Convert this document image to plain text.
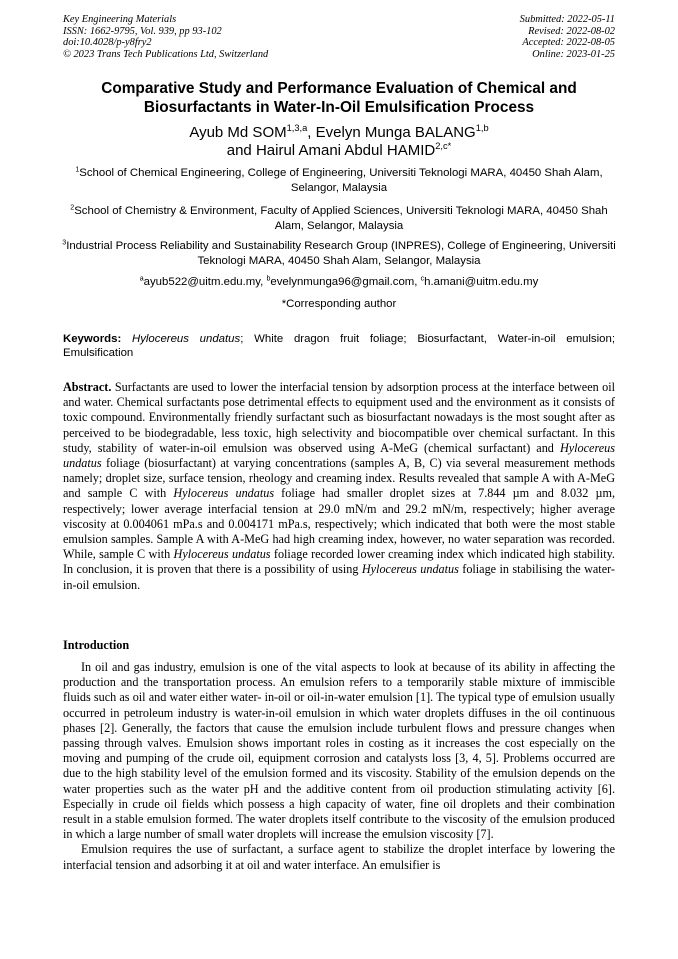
Key Engineering Materials
ISSN: 1662-9795, Vol. 939, pp 93-102
doi:10.4028/p-y8fry2
© 2023 Trans Tech Publications Ltd, Switzerland
Submitted: 2022-05-11
Revised: 2022-08-02
Accepted: 2022-08-05
Online: 2023-01-25
Comparative Study and Performance Evaluation of Chemical and
Biosurfactants in Water-In-Oil Emulsification Process
Ayub Md SOM$^{1,3,a}$, Evelyn Munga BALANG$^{1,b}$
and Hairul Amani Abdul $HAMID^{2,c*}$
$^1$School of Chemical Engineering, College of Engineering, Universiti Teknologi MARA, 40450 Shah Alam, Selangor, Malaysia
$^2$School of Chemistry & Environment, Faculty of Applied Sciences, Universiti Teknologi MARA, 40450 Shah Alam, Selangor, Malaysia
$^3$Industrial Process Reliability and Sustainability Research Group (INPRES), College of Engineering, Universiti Teknologi MARA, 40450 Shah Alam, Selangor, Malaysia
$^a$ayub522@uitm.edu.my, $^b$evelynmunga96@gmail.com, $^c$h.amani@uitm.edu.my
*Corresponding author
Keywords: Hylocereus undatus; White dragon fruit foliage; Biosurfactant, Water-in-oil emulsion; Emulsification

Abstract. Surfactants are used to lower the interfacial tension by adsorption process at the interface between oil and water. Chemical surfactants pose detrimental effects to equipment used and the environment as it consists of toxic compound. Environmentally friendly surfactant such as biosurfactant nowadays is the most sought after as perceived to be biodegradable, less toxic, high selectivity and biocompatible over chemical surfactant. In this study, stability of water-in-oil emulsion was observed using A-MeG (chemical surfactant) and Hylocereus undatus foliage (biosurfactant) at varying concentrations (samples A, B, C) via several measurement methods namely; droplet size, surface tension, rheology and creaming index. Results revealed that sample A with A-MeG and sample C with Hylocereus undatus foliage had smaller droplet sizes at 7.844 µm and 8.032 µm, respectively; lower average interfacial tension at 29.0 mN/m and 29.2 mN/m, respectively; higher average viscosity at 0.004061 mPa.s and 0.004171 mPa.s, respectively; which indicated that both were the most stable emulsion samples. Sample A with A-MeG had high creaming index, however, no water separation was recorded. While, sample C with Hylocereus undatus foliage recorded lower creaming index which indicated high stability. In conclusion, it is proven that there is a possibility of using Hylocereus undatus foliage in stabilising the water-in-oil emulsion.

Introduction

In oil and gas industry, emulsion is one of the vital aspects to look at because of its ability in affecting the production and the transportation process. An emulsion refers to a temporarily stable mixture of immiscible fluids such as oil and water either water- in-oil or oil-in-water emulsion [1]. The typical type of emulsion usually occurred in petroleum industry is water-in-oil emulsion in which water droplets diffuses in the oil continuous phases [2]. Generally, the factors that cause the emulsion include turbulent flows and pressure changes when passing through valves. Emulsion shows important roles in costing as it increases the cost especially on the moving and pumping of the crude oil, equipment corrosion and catalysts loss [3, 4, 5]. Problems occurred are due to the high stability level of the emulsion formed and its viscosity. Stability of the emulsion depends on the water properties such as the water pH and the additive content from oil production stimulating activity [6]. Especially in crude oil fields which possess a high capacity of water, fine oil droplets and their combination result in a stable emulsion formed. The water droplets itself contribute to the viscosity of the emulsion produced in which a large number of small water droplets will increase the emulsion viscosity [7].

Emulsion requires the use of surfactant, a surface agent to stabilize the droplet interface by lowering the interfacial tension and adsorbing it at oil and water interface. An emulsifier is
